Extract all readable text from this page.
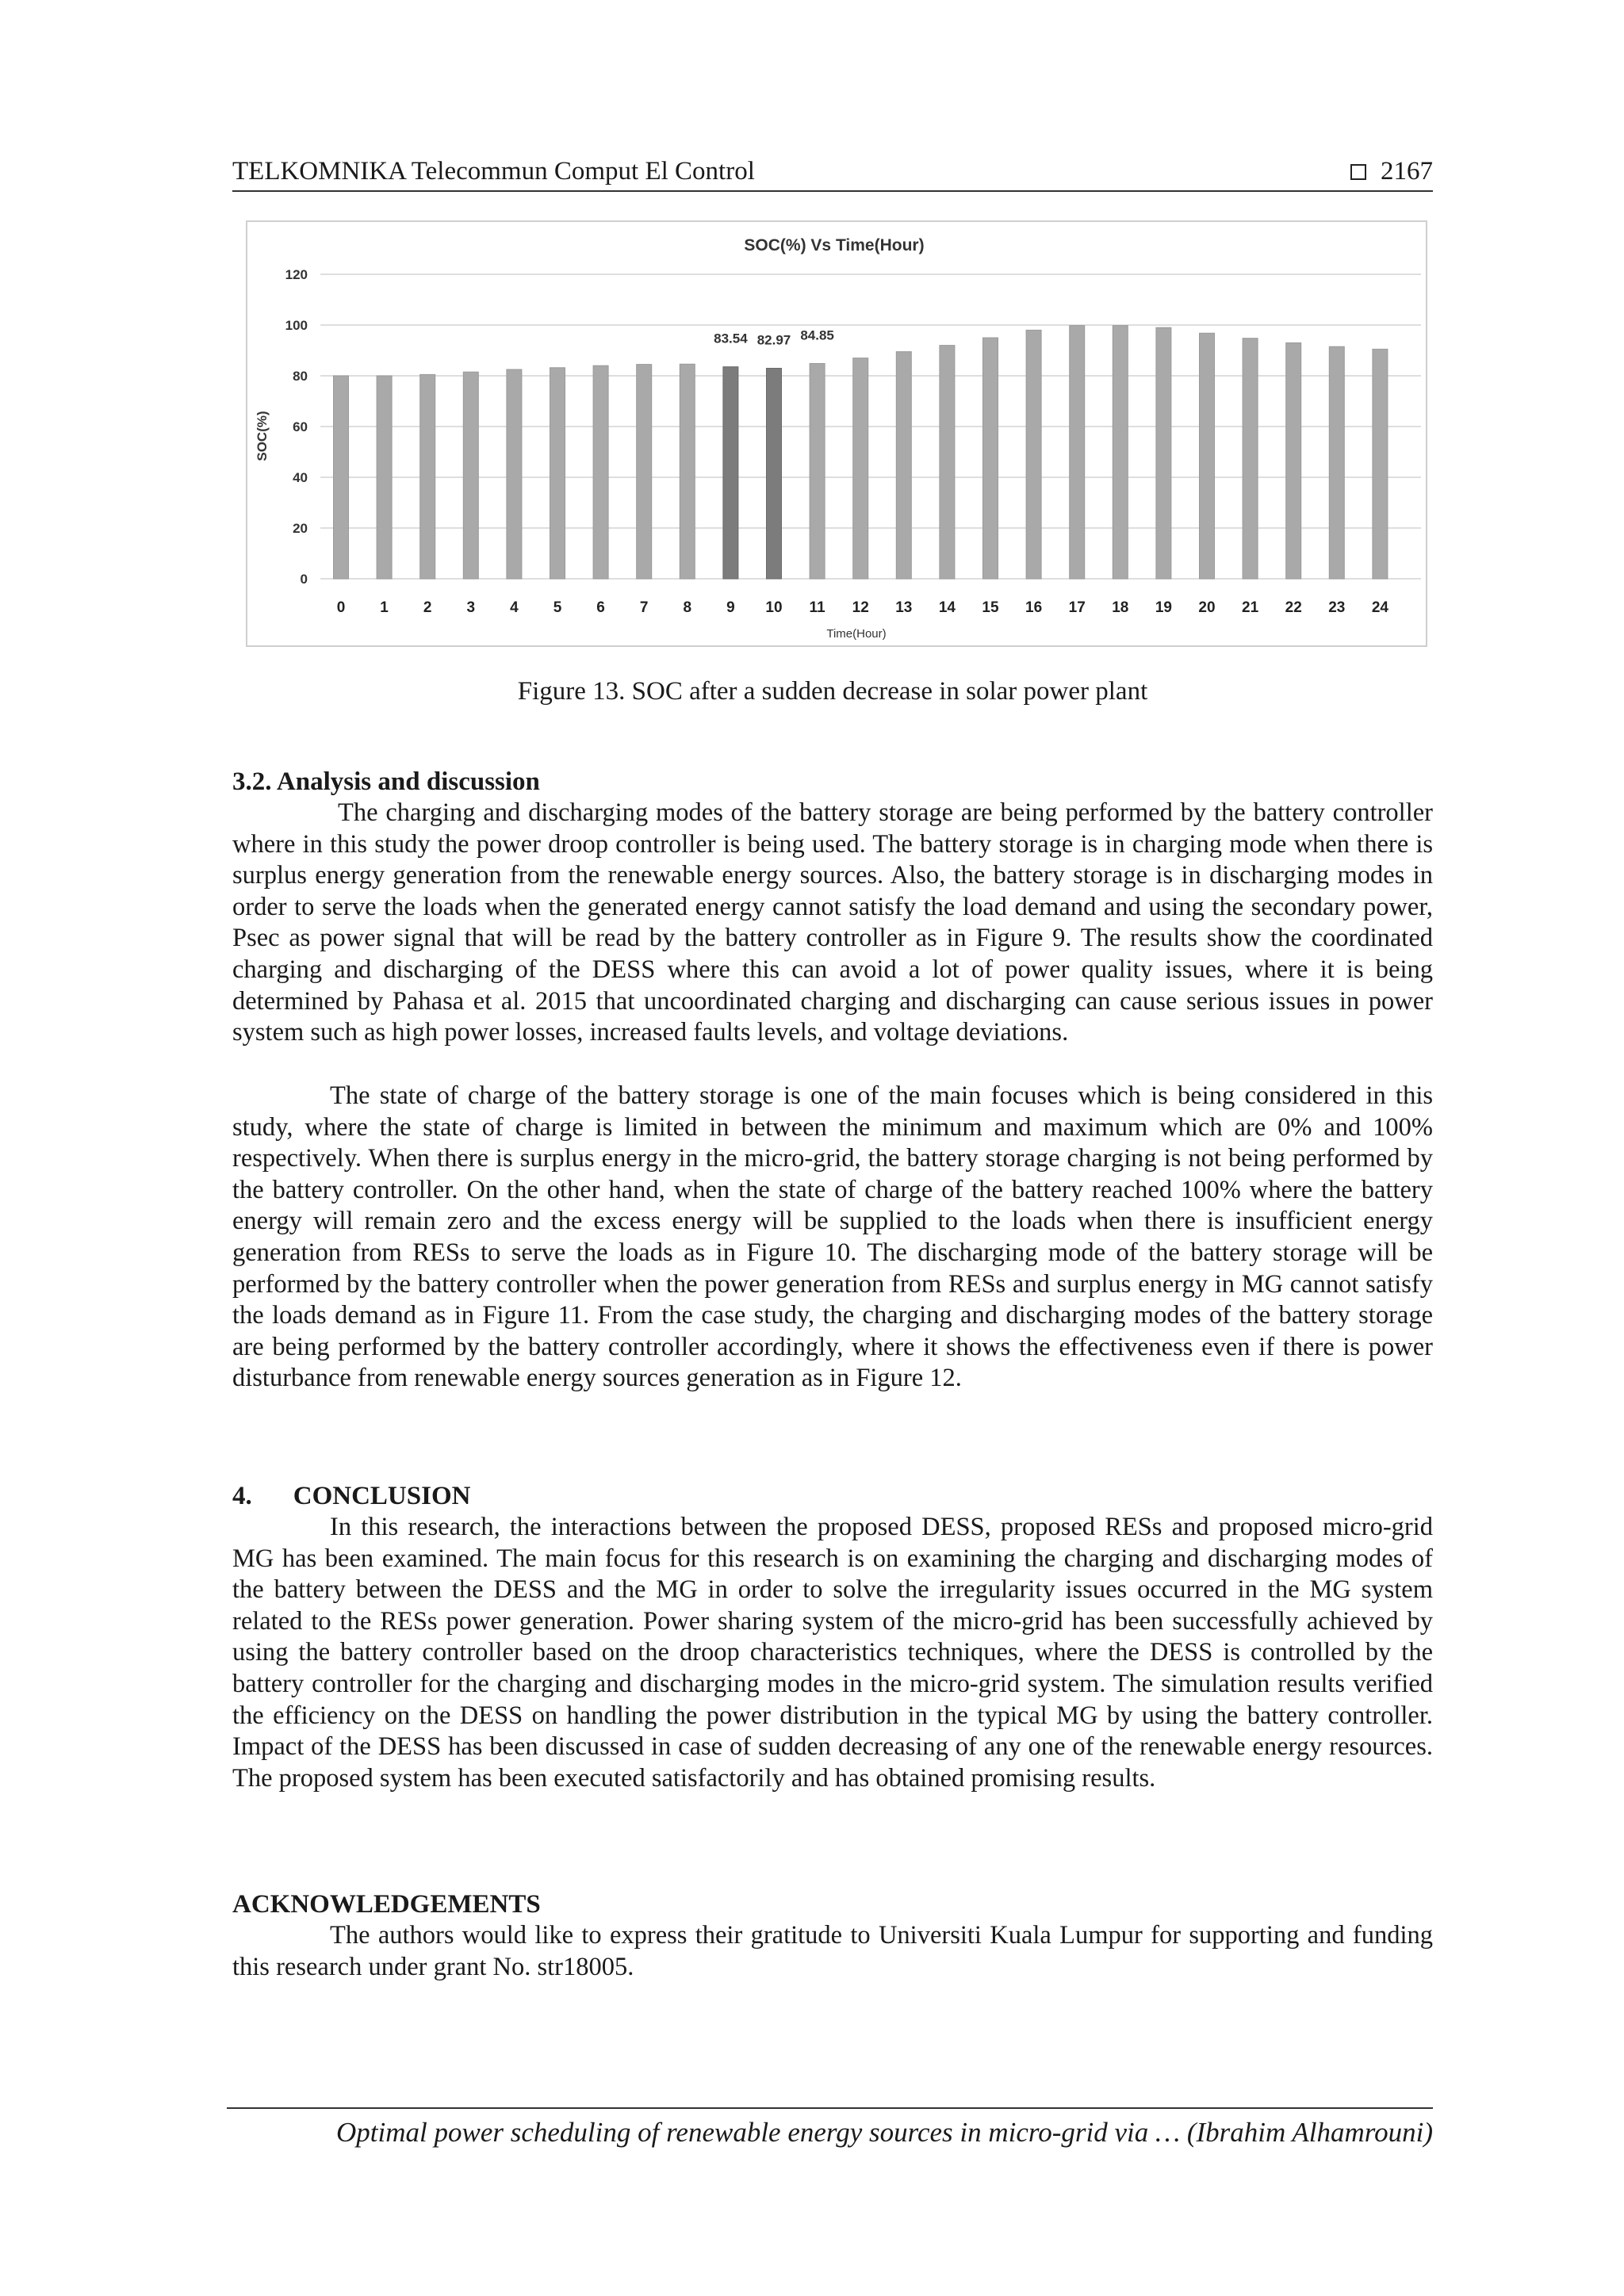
TELKOMNIKA Telecommun Comput El Control	2167
SOC(%) Vs Time(Hour)
SOC(%)
Time(Hour)
0
20
40
60
80
100
120
0 1 2 3 4 5 6 7 8 9 10 11 12 13 14 15 16 17 18 19 20 21 22 23 24
83.54 82.97 84.85
Figure 13. SOC after a sudden decrease in solar power plant
3.2. Analysis and discussion

The charging and discharging modes of the battery storage are being performed by the battery controller where in this study the power droop controller is being used. The battery storage is in charging mode when there is surplus energy generation from the renewable energy sources. Also, the battery storage is in discharging modes in order to serve the loads when the generated energy cannot satisfy the load demand and using the secondary power, Psec as power signal that will be read by the battery controller as in Figure 9. The results show the coordinated charging and discharging of the DESS where this can avoid a lot of power quality issues, where it is being determined by Pahasa et al. 2015 that uncoordinated charging and discharging can cause serious issues in power system such as high power losses, increased faults levels, and voltage deviations.

The state of charge of the battery storage is one of the main focuses which is being considered in this study, where the state of charge is limited in between the minimum and maximum which are 0% and 100% respectively. When there is surplus energy in the micro-grid, the battery storage charging is not being performed by the battery controller. On the other hand, when the state of charge of the battery reached 100% where the battery energy will remain zero and the excess energy will be supplied to the loads when there is insufficient energy generation from RESs to serve the loads as in Figure 10. The discharging mode of the battery storage will be performed by the battery controller when the power generation from RESs and surplus energy in MG cannot satisfy the loads demand as in Figure 11. From the case study, the charging and discharging modes of the battery storage are being performed by the battery controller accordingly, where it shows the effectiveness even if there is power disturbance from renewable energy sources generation as in Figure 12.

4. CONCLUSION

In this research, the interactions between the proposed DESS, proposed RESs and proposed micro-grid MG has been examined. The main focus for this research is on examining the charging and discharging modes of the battery between the DESS and the MG in order to solve the irregularity issues occurred in the MG system related to the RESs power generation. Power sharing system of the micro-grid has been successfully achieved by using the battery controller based on the droop characteristics techniques, where the DESS is controlled by the battery controller for the charging and discharging modes in the micro-grid system. The simulation results verified the efficiency on the DESS on handling the power distribution in the typical MG by using the battery controller. Impact of the DESS has been discussed in case of sudden decreasing of any one of the renewable energy resources. The proposed system has been executed satisfactorily and has obtained promising results.

ACKNOWLEDGEMENTS

The authors would like to express their gratitude to Universiti Kuala Lumpur for supporting and funding this research under grant No. str18005.

Optimal power scheduling of renewable energy sources in micro-grid via … (Ibrahim Alhamrouni)
